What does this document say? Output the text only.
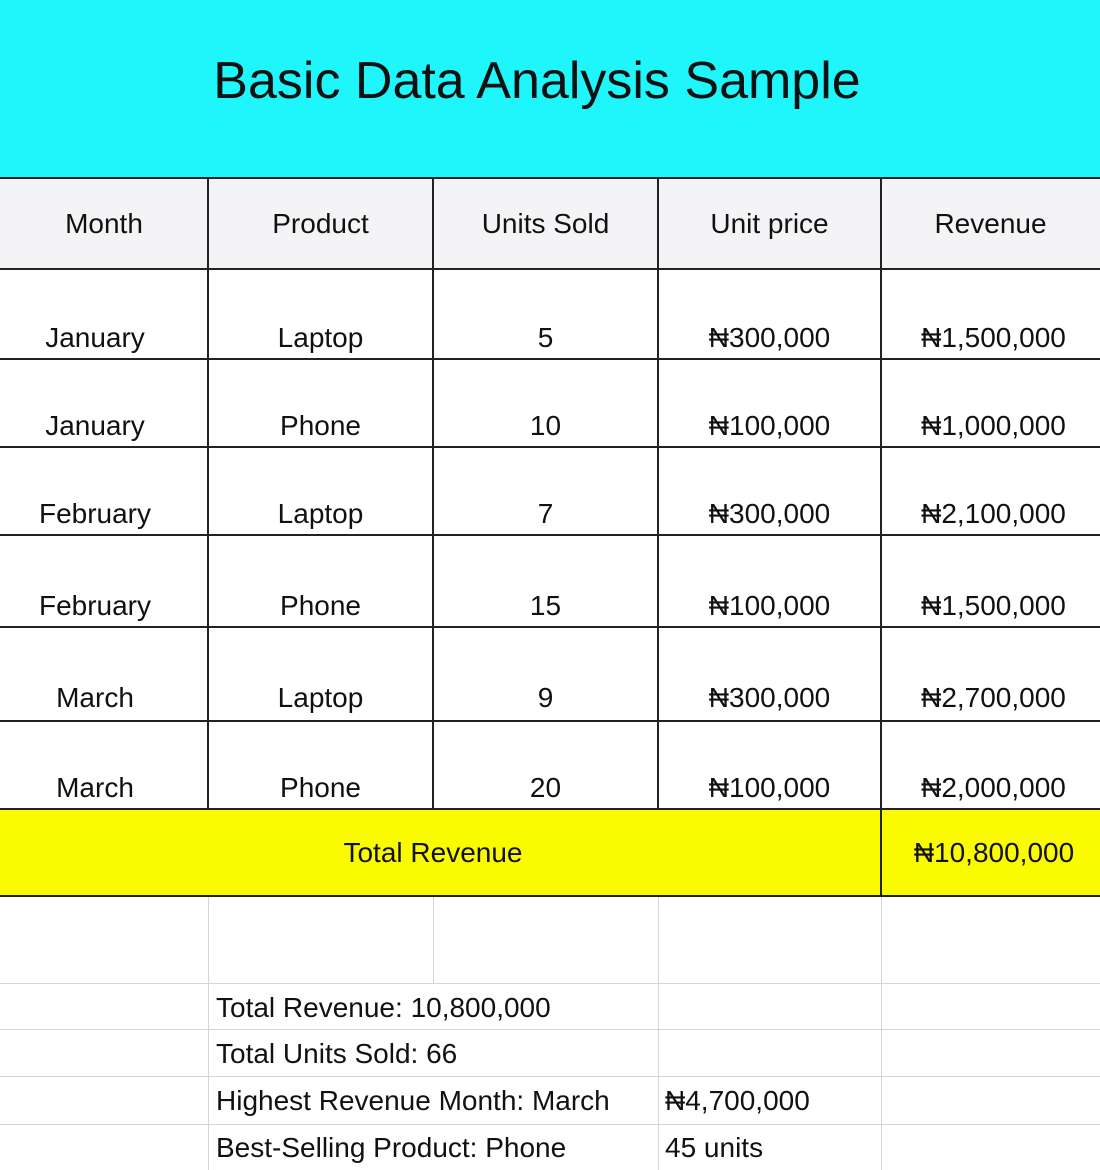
Basic Data Analysis Sample
Month	Product	Units Sold	Unit price	Revenue
January	Laptop	5	₦300,000	₦1,500,000
January	Phone	10	₦100,000	₦1,000,000
February	Laptop	7	₦300,000	₦2,100,000
February	Phone	15	₦100,000	₦1,500,000
March	Laptop	9	₦300,000	₦2,700,000
March	Phone	20	₦100,000	₦2,000,000
Total Revenue	₦10,800,000
Total Revenue: 10,800,000
Total Units Sold: 66
Highest Revenue Month: March ₦4,700,000
Best-Selling Product: Phone	45 units
